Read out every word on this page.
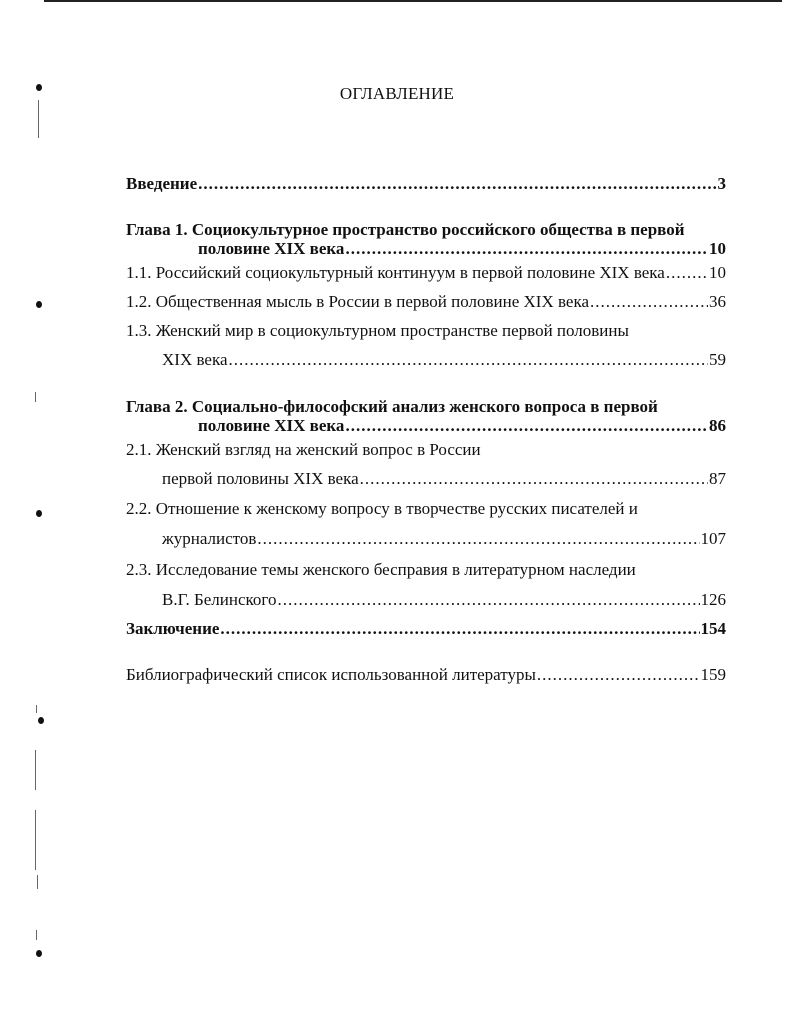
ОГЛАВЛЕНИЕ
Введение .....	3
Глава 1. Социокультурное пространство российского общества в первой
половине XIX века .....	10
1.1. Российский социокультурный континуум в первой половине XIX века .....	10
1.2. Общественная мысль в России в первой половине XIX века .....	36
1.3. Женский мир в социокультурном пространстве первой половины
XIX века .....	59
Глава 2. Социально-философский анализ женского вопроса в первой
половине XIX века .....	86
2.1. Женский взгляд на женский вопрос в России
первой половины XIX века .....	87
2.2. Отношение к женскому вопросу в творчестве русских писателей и
журналистов .....	107
2.3. Исследование темы женского бесправия в литературном наследии
В.Г. Белинского .....	126
Заключение .....	154
Библиографический список использованной литературы .....	159
